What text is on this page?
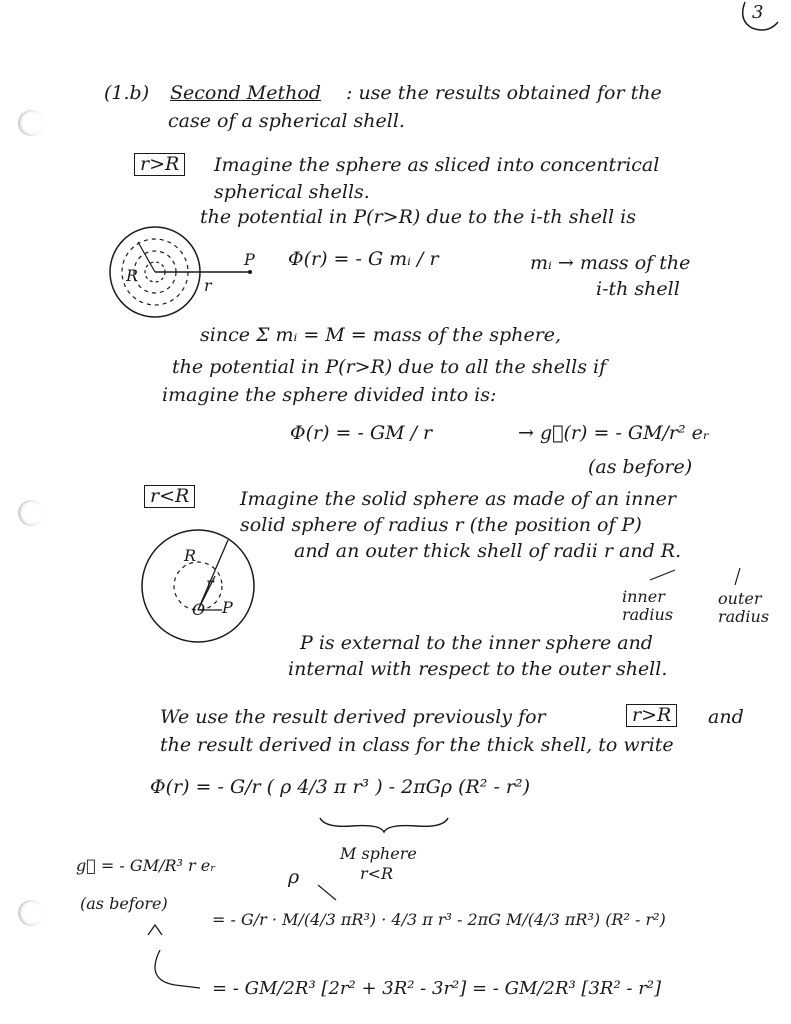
3
(1.b) Second Method : use the results obtained for the
case of a spherical shell.
r>R	Imagine the sphere as sliced into concentrical
spherical shells.
the potential in P(r>R) due to the i-th shell is
R
r
P Φ(r) = - G mᵢ / r	mᵢ → mass of the
i-th shell
since Σ mᵢ = M = mass of the sphere,
the potential in P(r>R) due to all the shells if
imagine the sphere divided into is:
Φ(r) = - GM / r	→ g⃗(r) = - GM/r² eᵣ
(as before)
r<R	Imagine the solid sphere as made of an inner
solid sphere of radius r (the position of P)
and an outer thick shell of radii r and R.
R
r
O P
inner radius
outer radius
P is external to the inner sphere and
internal with respect to the outer shell.
We use the result derived previously for	r>R	and
the result derived in class for the thick shell, to write
Φ(r) = - G/r ( ρ 4/3 π r³ ) - 2πGρ (R² - r²)
M sphere
r<R
ρ
g⃗ = - GM/R³ r eᵣ
(as before)
= - G/r · M/(4/3 πR³) · 4/3 π r³ - 2πG M/(4/3 πR³) (R² - r²)
= - GM/2R³ [2r² + 3R² - 3r²] = - GM/2R³ [3R² - r²]
